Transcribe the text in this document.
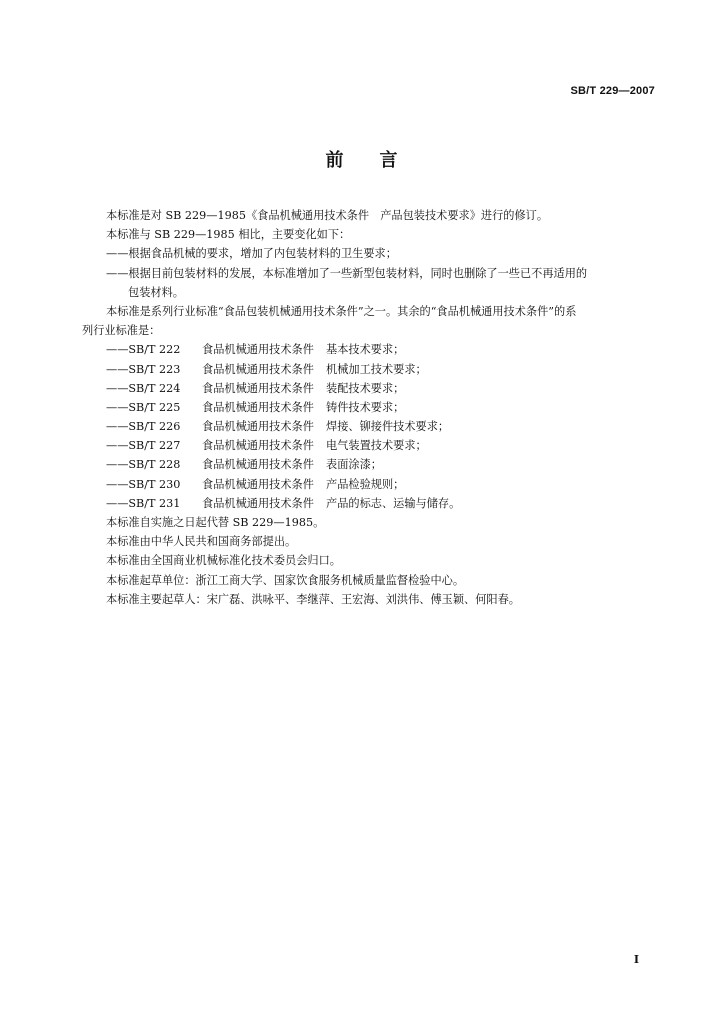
SB/T 229—2007
前言
本标准是对 SB 229—1985《食品机械通用技术条件　产品包装技术要求》进行的修订。
本标准与 SB 229—1985 相比，主要变化如下：
——根据食品机械的要求，增加了内包装材料的卫生要求；
——根据目前包装材料的发展，本标准增加了一些新型包装材料，同时也删除了一些已不再适用的
包装材料。
本标准是系列行业标准“食品包装机械通用技术条件”之一。其余的“食品机械通用技术条件”的系
列行业标准是：
——SB/T 222	食品机械通用技术条件	基本技术要求；
——SB/T 223	食品机械通用技术条件	机械加工技术要求；
——SB/T 224	食品机械通用技术条件	装配技术要求；
——SB/T 225	食品机械通用技术条件	铸件技术要求；
——SB/T 226	食品机械通用技术条件	焊接、铆接件技术要求；
——SB/T 227	食品机械通用技术条件	电气装置技术要求；
——SB/T 228	食品机械通用技术条件	表面涂漆；
——SB/T 230	食品机械通用技术条件	产品检验规则；
——SB/T 231	食品机械通用技术条件	产品的标志、运输与储存。
本标准自实施之日起代替 SB 229—1985。
本标准由中华人民共和国商务部提出。
本标准由全国商业机械标准化技术委员会归口。
本标准起草单位：浙江工商大学、国家饮食服务机械质量监督检验中心。
本标准主要起草人：宋广磊、洪咏平、李继萍、王宏海、刘洪伟、傅玉颖、何阳春。
I
